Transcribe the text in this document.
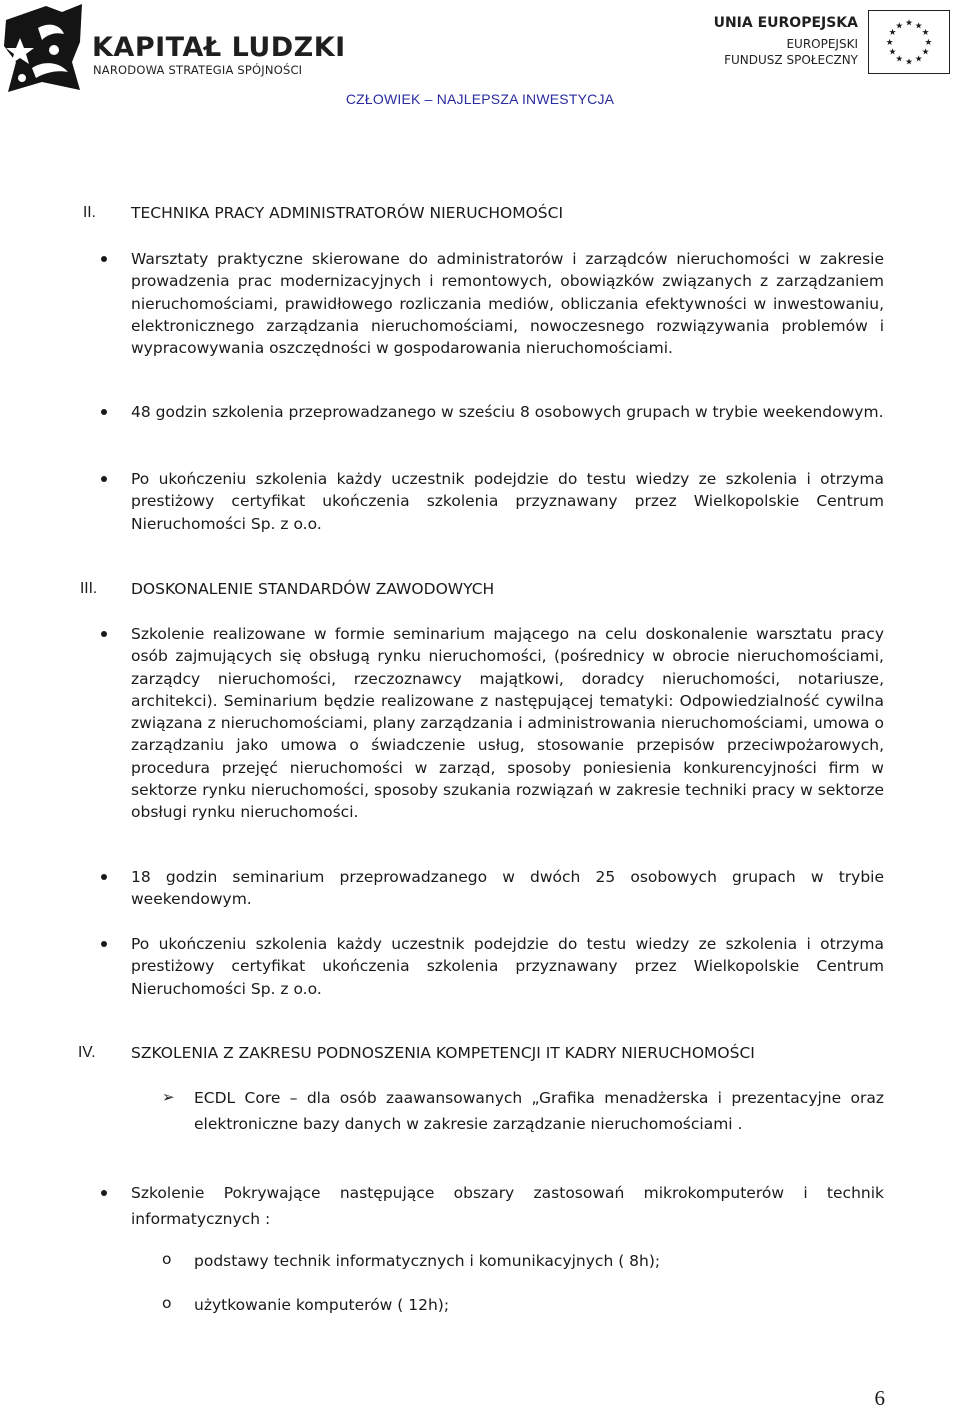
KAPITAŁ LUDZKI
NARODOWA STRATEGIA SPÓJNOŚCI
UNIA EUROPEJSKA
EUROPEJSKI
FUNDUSZ SPOŁECZNY
★ ★
★
★
★
★
★
★
★
★
★
★
CZŁOWIEK – NAJLEPSZA INWESTYCJA
II. TECHNIKA PRACY ADMINISTRATORÓW NIERUCHOMOŚCI
Warsztaty praktyczne skierowane do administratorów i zarządców nieruchomości w zakresie prowadzenia prac modernizacyjnych i remontowych, obowiązków związanych z zarządzaniem nieruchomościami, prawidłowego rozliczania mediów, obliczania efektywności w inwestowaniu, elektronicznego zarządzania nieruchomościami, nowoczesnego rozwiązywania problemów i wypracowywania oszczędności w gospodarowania nieruchomościami.
48 godzin szkolenia przeprowadzanego w sześciu 8 osobowych grupach w trybie weekendowym.
Po ukończeniu szkolenia każdy uczestnik podejdzie do testu wiedzy ze szkolenia i otrzyma prestiżowy certyfikat ukończenia szkolenia przyznawany przez Wielkopolskie Centrum Nieruchomości Sp. z o.o.
III. DOSKONALENIE STANDARDÓW ZAWODOWYCH
Szkolenie realizowane w formie seminarium mającego na celu doskonalenie warsztatu pracy osób zajmujących się obsługą rynku nieruchomości, (pośrednicy w obrocie nieruchomościami, zarządcy nieruchomości, rzeczoznawcy majątkowi, doradcy nieruchomości, notariusze, architekci). Seminarium będzie realizowane z następującej tematyki: Odpowiedzialność cywilna związana z nieruchomościami, plany zarządzania i administrowania nieruchomościami, umowa o zarządzaniu jako umowa o świadczenie usług, stosowanie przepisów przeciwpożarowych, procedura przejęć nieruchomości w zarząd, sposoby poniesienia konkurencyjności firm w sektorze rynku nieruchomości, sposoby szukania rozwiązań w zakresie techniki pracy w sektorze obsługi rynku nieruchomości.
18 godzin seminarium przeprowadzanego w dwóch 25 osobowych grupach w trybie weekendowym.
Po ukończeniu szkolenia każdy uczestnik podejdzie do testu wiedzy ze szkolenia i otrzyma prestiżowy certyfikat ukończenia szkolenia przyznawany przez Wielkopolskie Centrum Nieruchomości Sp. z o.o.
IV. SZKOLENIA Z ZAKRESU PODNOSZENIA KOMPETENCJI IT KADRY NIERUCHOMOŚCI
➢ ECDL Core – dla osób zaawansowanych „Grafika menadżerska i prezentacyjne oraz elektroniczne bazy danych w zakresie zarządzanie nieruchomościami .
Szkolenie Pokrywające następujące obszary zastosowań mikrokomputerów i technik informatycznych :
o podstawy technik informatycznych i komunikacyjnych ( 8h);
o użytkowanie komputerów ( 12h);
6
